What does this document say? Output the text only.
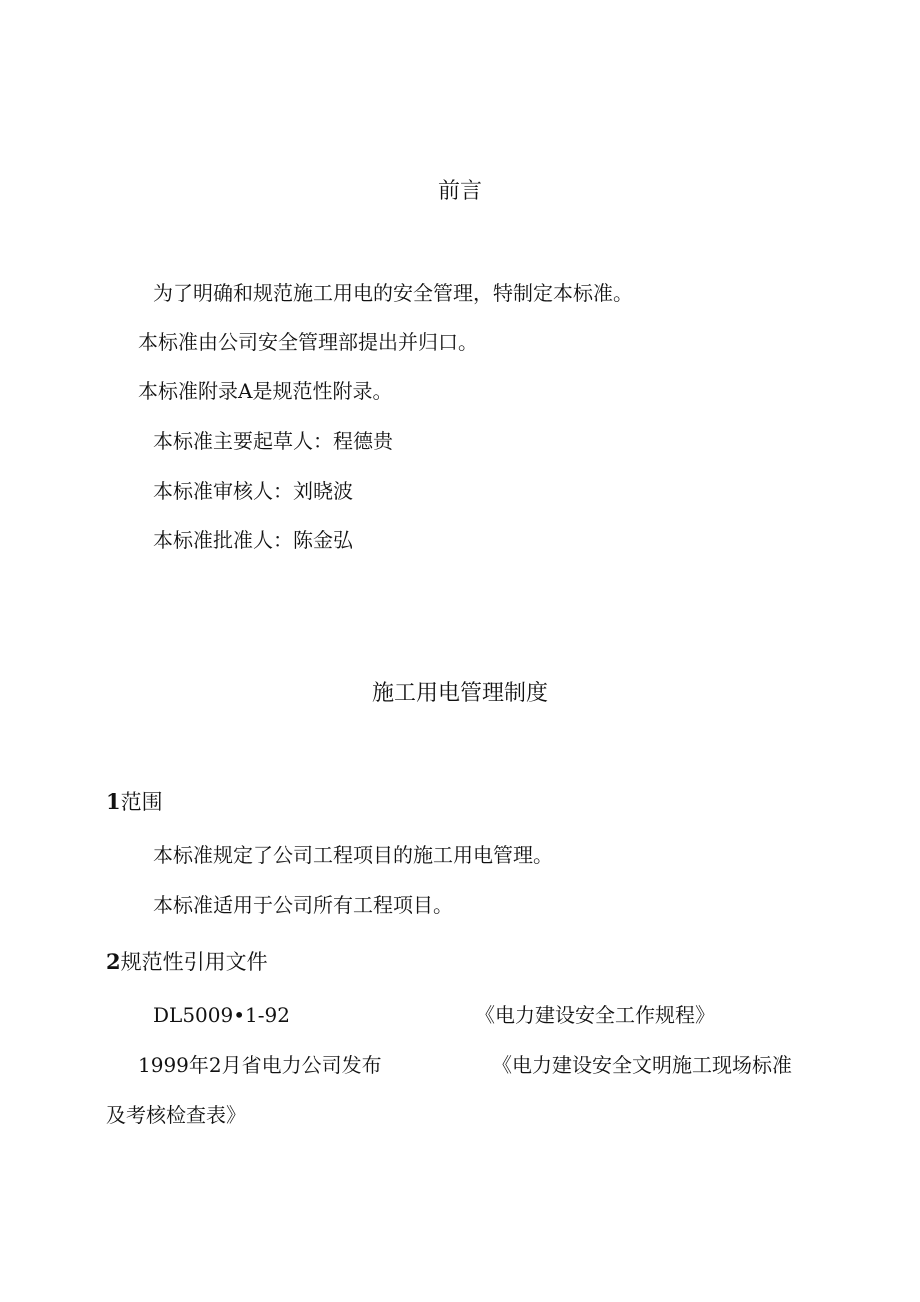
前言
为了明确和规范施工用电的安全管理，特制定本标准。
本标准由公司安全管理部提出并归口。
本标准附录A是规范性附录。
本标准主要起草人：程德贵
本标准审核人：刘晓波
本标准批准人：陈金弘
施工用电管理制度
1范围
本标准规定了公司工程项目的施工用电管理。
本标准适用于公司所有工程项目。
2规范性引用文件
DL5009•1-92	《电力建设安全工作规程》
1999年2月省电力公司发布	《电力建设安全文明施工现场标准
及考核检查表》
